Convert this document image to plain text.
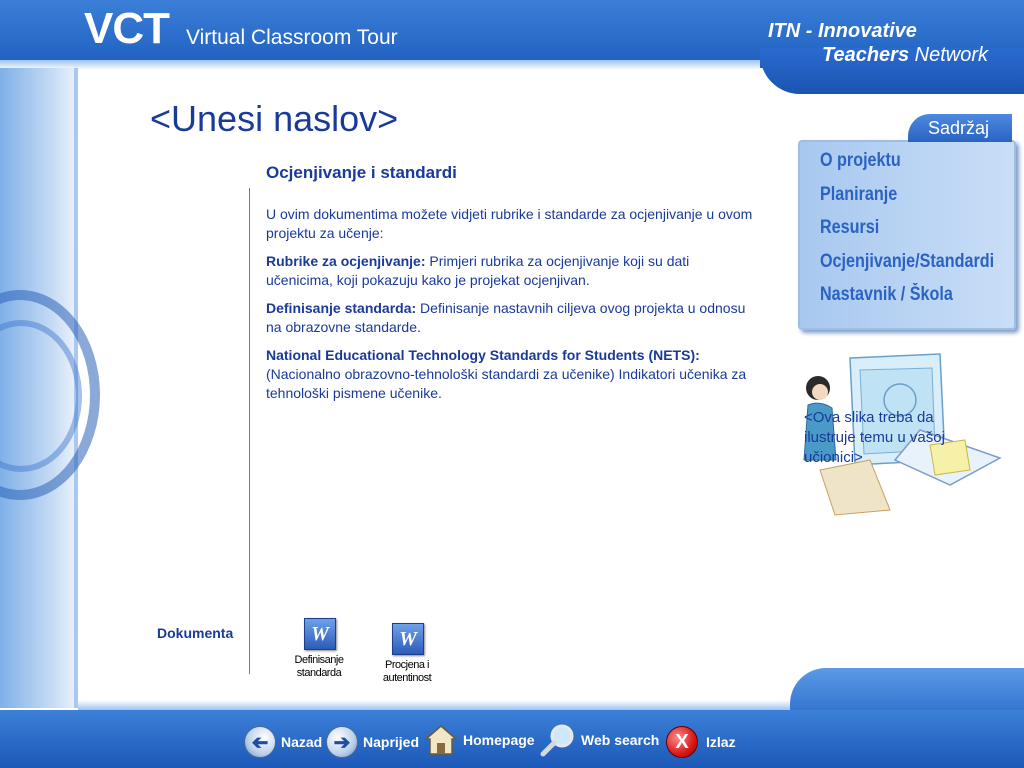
VCT Virtual Classroom Tour	ITN - Innovative
Teachers Network
<Unesi naslov>
Ocjenjivanje i standardi

U ovim dokumentima možete vidjeti rubrike i standarde za ocjenjivanje u ovom projektu za učenje:

Rubrike za ocjenjivanje: Primjeri rubrika za ocjenjivanje koji su dati učenicima, koji pokazuju kako je projekat ocjenjivan.

Definisanje standarda: Definisanje nastavnih ciljeva ovog projekta u odnosu na obrazovne standarde.

National Educational Technology Standards for Students (NETS): (Nacionalno obrazovno-tehnološki standardi za učenike) Indikatori učenika za tehnološki pismene učenike.

Dokumenta	W
Definisanje
standarda
W
Procjena i
autentinost
Sadržaj
O projektu
Planiranje
Resursi
Ocjenjivanje/Standardi
Nastavnik / Škola
<Ova slika treba da ilustruje temu u vašoj učionici>
➔ Nazad ➔ Naprijed	Homepage	Web search X	Izlaz
